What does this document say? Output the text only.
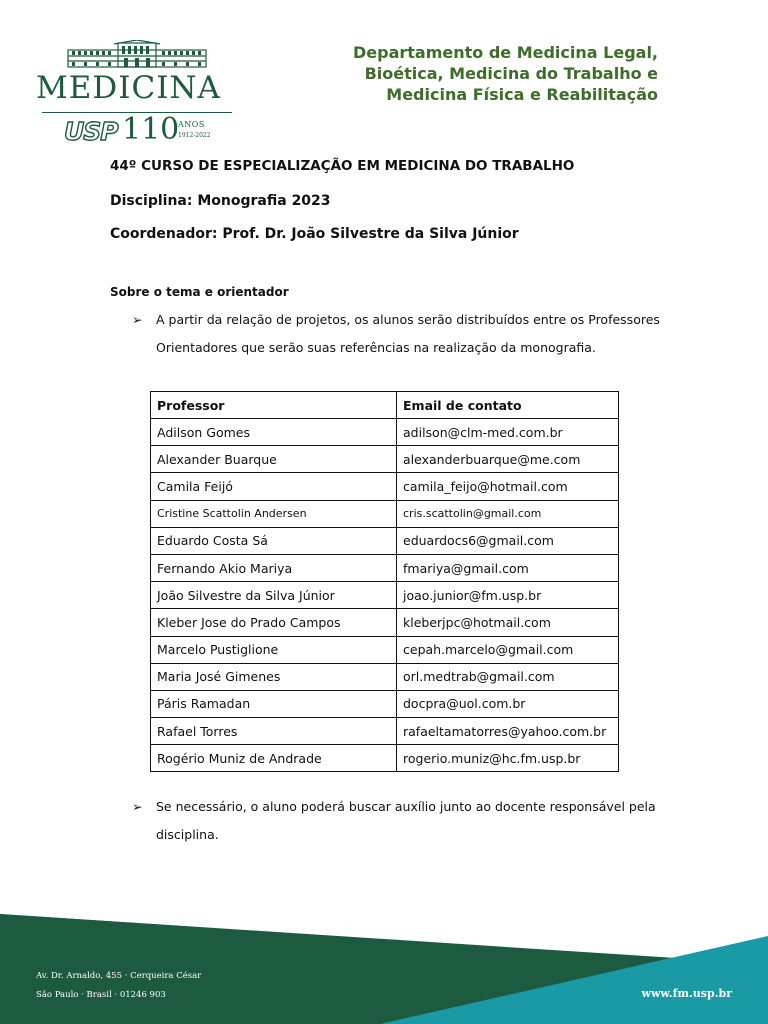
MEDICINA
USP 110
ANOS
1912-2022
Departamento de Medicina Legal,
Bioética, Medicina do Trabalho e
Medicina Física e Reabilitação
44º CURSO DE ESPECIALIZAÇÃO EM MEDICINA DO TRABALHO
Disciplina: Monografia 2023
Coordenador: Prof. Dr. João Silvestre da Silva Júnior
Sobre o tema e orientador
➢ A partir da relação de projetos, os alunos serão distribuídos entre os Professores
Orientadores que serão suas referências na realização da monografia.
Professor	Email de contato
Adilson Gomes	adilson@clm-med.com.br
Alexander Buarque	alexanderbuarque@me.com
Camila Feijó	camila_feijo@hotmail.com
Cristine Scattolin Andersen	cris.scattolin@gmail.com
Eduardo Costa Sá	eduardocs6@gmail.com
Fernando Akio Mariya	fmariya@gmail.com
João Silvestre da Silva Júnior	joao.junior@fm.usp.br
Kleber Jose do Prado Campos	kleberjpc@hotmail.com
Marcelo Pustiglione	cepah.marcelo@gmail.com
Maria José Gimenes	orl.medtrab@gmail.com
Páris Ramadan	docpra@uol.com.br
Rafael Torres	rafaeltamatorres@yahoo.com.br
Rogério Muniz de Andrade	rogerio.muniz@hc.fm.usp.br
➢ Se necessário, o aluno poderá buscar auxílio junto ao docente responsável pela
disciplina.
Av. Dr. Arnaldo, 455 · Cerqueira César
São Paulo · Brasil · 01246 903	www.fm.usp.br
